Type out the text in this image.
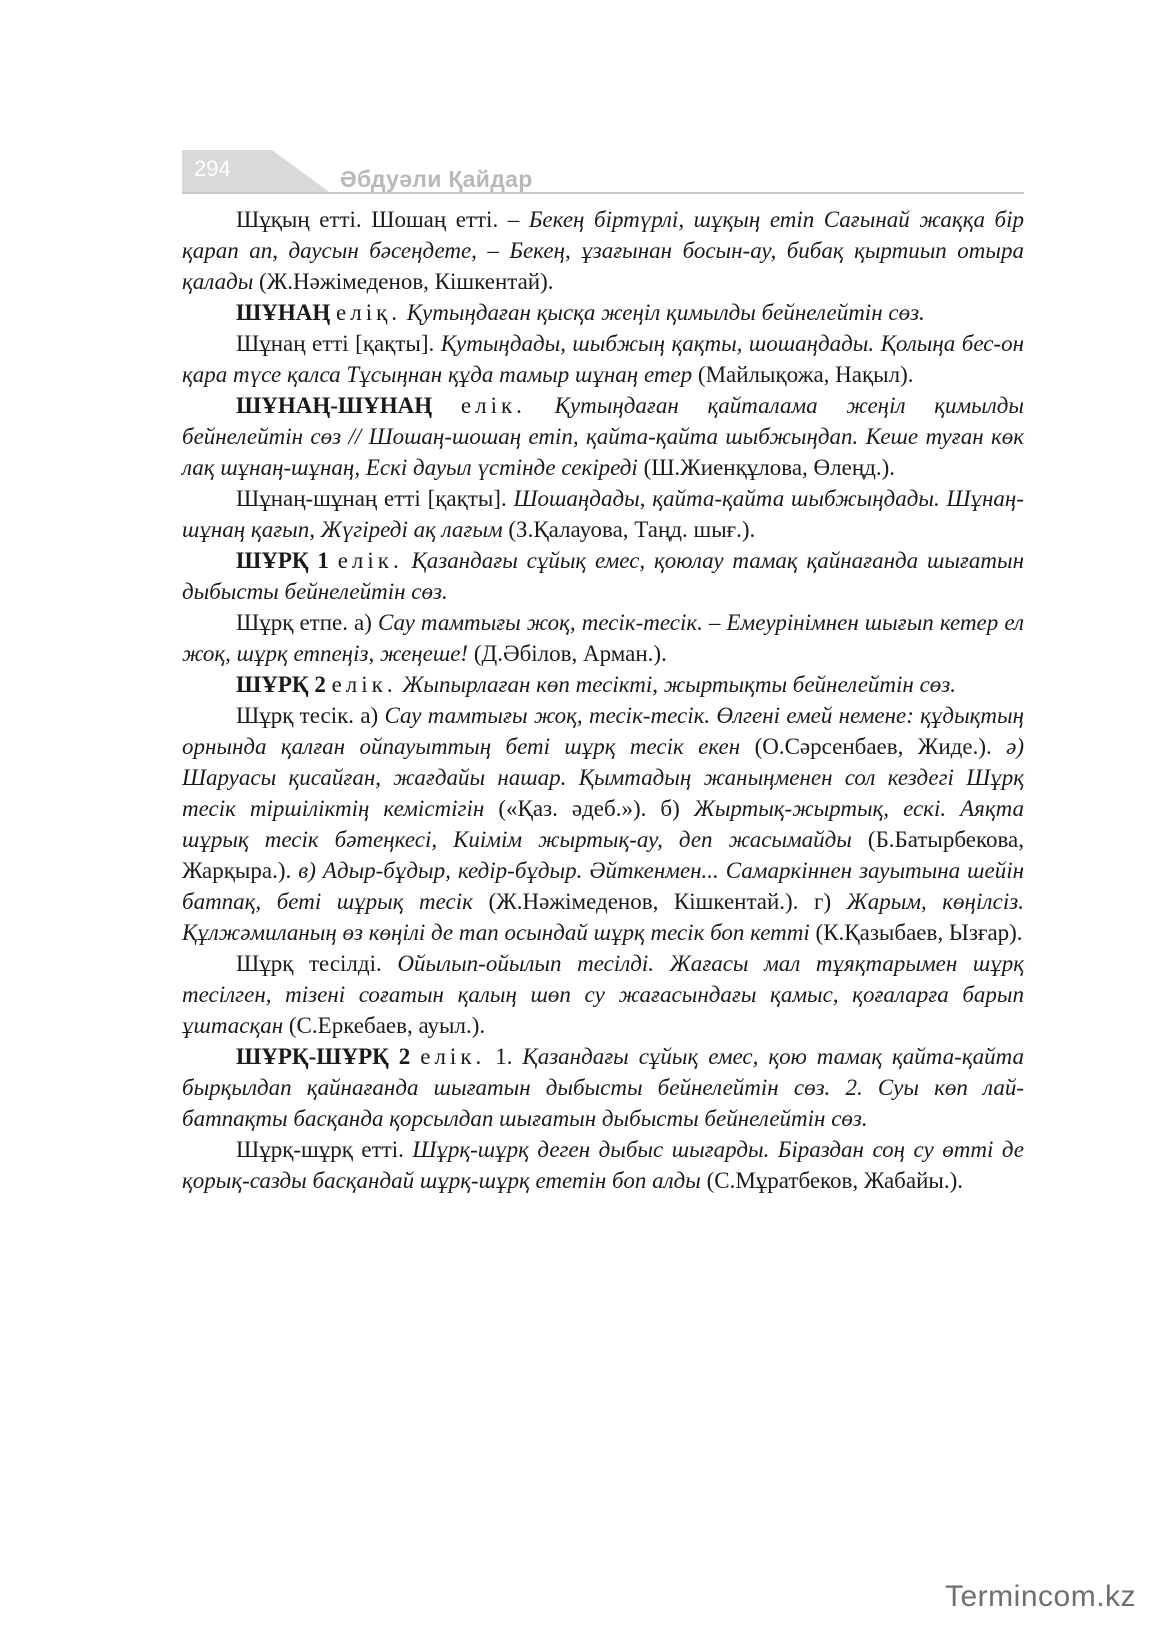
294	Әбдуәли Қайдар

Шұқың етті. Шошаң етті. – Бекең біртүрлі, шұқың етіп Сағынай жаққа бір қарап ап, даусын бәсеңдете, – Бекең, ұзағынан босын-ау, бибақ қыртиып отыра қалады (Ж.Нәжімеденов, Кішкентай).

ШҰНАҢ еліқ. Қутыңдаған қысқа жеңіл қимылды бейнелейтін сөз.

Шұнаң етті [қақты]. Қутыңдады, шыбжың қақты, шошаңдады. Қолыңа бес-он қара түсе қалса Тұсыңнан құда тамыр шұнаң етер (Майлықожа, Нақыл).

ШҰНАҢ-ШҰНАҢ елік. Қутыңдаған қайталама жеңіл қимылды бейнелейтін сөз // Шошаң-шошаң етіп, қайта-қайта шыбжыңдап. Кеше туған көк лақ шұнаң-шұнаң, Ескі дауыл үстінде секіреді (Ш.Жиенқұлова, Өлеңд.).

Шұнаң-шұнаң етті [қақты]. Шошаңдады, қайта-қайта шыбжыңдады. Шұнаң-шұнаң қағып, Жүгіреді ақ лағым (З.Қалауова, Таңд. шығ.).

ШҰРҚ 1 елік. Қазандағы сұйық емес, қоюлау тамақ қайнағанда шығатын дыбысты бейнелейтін сөз.

Шұрқ етпе. а) Сау тамтығы жоқ, тесік-тесік. – Емеурінімнен шығып кетер ел жоқ, шұрқ етпеңіз, жеңеше! (Д.Әбілов, Арман.).

ШҰРҚ 2 елік. Жыпырлаған көп тесікті, жыртықты бейнелейтін сөз.

Шұрқ тесік. а) Сау тамтығы жоқ, тесік-тесік. Өлгені емей немене: құдықтың орнында қалған ойпауыттың беті шұрқ тесік екен (О.Сәрсенбаев, Жиде.). ә) Шаруасы қисайған, жағдайы нашар. Қымтадың жаныңменен сол кездегі Шұрқ тесік тіршіліктің кемістігін («Қаз. әдеб.»). б) Жыртық-жыртық, ескі. Аяқта шұрық тесік бәтеңкесі, Киімім жыртық-ау, деп жасымайды (Б.Батырбекова, Жарқыра.). в) Адыр-бұдыр, кедір-бұдыр. Әйткенмен... Самаркіннен зауытына шейін батпақ, беті шұрық тесік (Ж.Нәжімеденов, Кішкентай.). г) Жарым, көңілсіз. Құлжәмиланың өз көңілі де тап осындай шұрқ тесік боп кетті (К.Қазыбаев, Ызғар).

Шұрқ тесілді. Ойылып-ойылып тесілді. Жағасы мал тұяқтарымен шұрқ тесілген, тізені соғатын қалың шөп су жағасындағы қамыс, қоғаларға барып ұштасқан (С.Еркебаев, ауыл.).

ШҰРҚ-ШҰРҚ 2 елік. 1. Қазандағы сұйық емес, қою тамақ қайта-қайта бырқылдап қайнағанда шығатын дыбысты бейнелейтін сөз. 2. Суы көп лай-батпақты басқанда қорсылдап шығатын дыбысты бейнелейтін сөз.

Шұрқ-шұрқ етті. Шұрқ-шұрқ деген дыбыс шығарды. Біраздан соң су өтті де қорық-сазды басқандай шұрқ-шұрқ ететін боп алды (С.Мұратбеков, Жабайы.).

Termincom.kz
